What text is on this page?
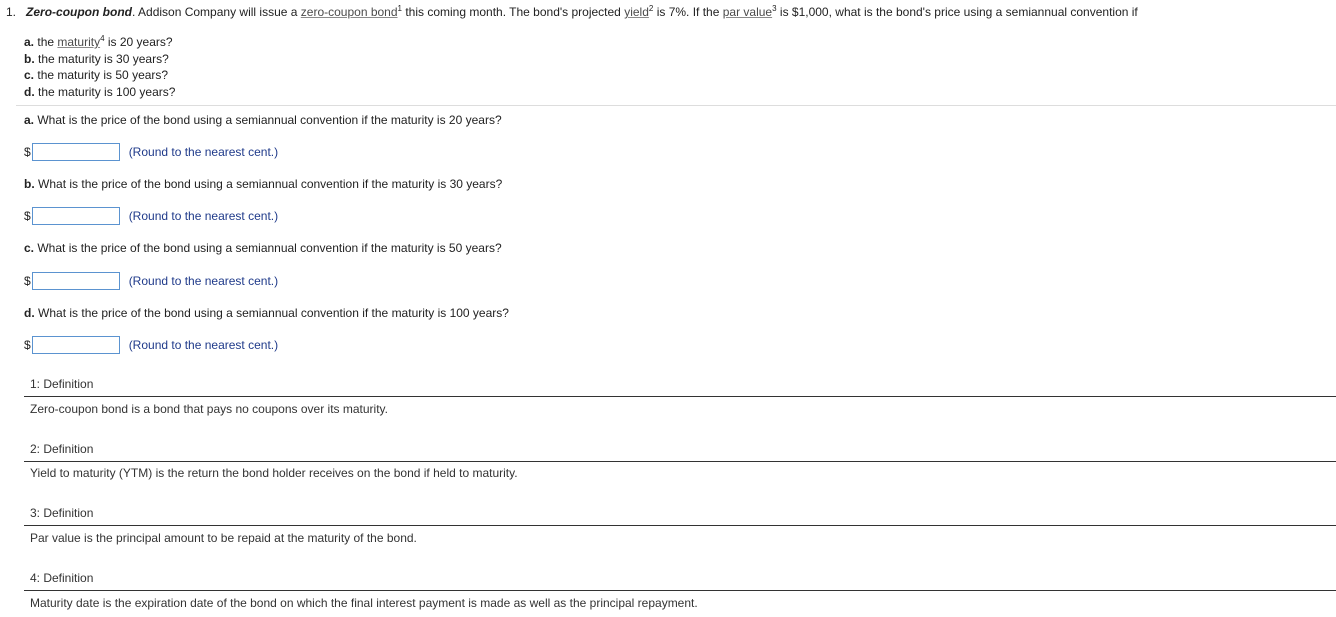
1. Zero-coupon bond. Addison Company will issue a zero-coupon bond$^1$ this coming month. The bond's projected yield$^2$ is 7%. If the par value$^3$ is $1,000, what is the bond's price using a semiannual convention if
a. the maturity$^4$ is 20 years?
b. the maturity is 30 years?
c. the maturity is 50 years?
d. the maturity is 100 years?
a. What is the price of the bond using a semiannual convention if the maturity is 20 years?
$	(Round to the nearest cent.)
b. What is the price of the bond using a semiannual convention if the maturity is 30 years?
$	(Round to the nearest cent.)
c. What is the price of the bond using a semiannual convention if the maturity is 50 years?
$	(Round to the nearest cent.)
d. What is the price of the bond using a semiannual convention if the maturity is 100 years?
$	(Round to the nearest cent.)
1: Definition
Zero-coupon bond is a bond that pays no coupons over its maturity.
2: Definition
Yield to maturity (YTM) is the return the bond holder receives on the bond if held to maturity.
3: Definition
Par value is the principal amount to be repaid at the maturity of the bond.
4: Definition
Maturity date is the expiration date of the bond on which the final interest payment is made as well as the principal repayment.
